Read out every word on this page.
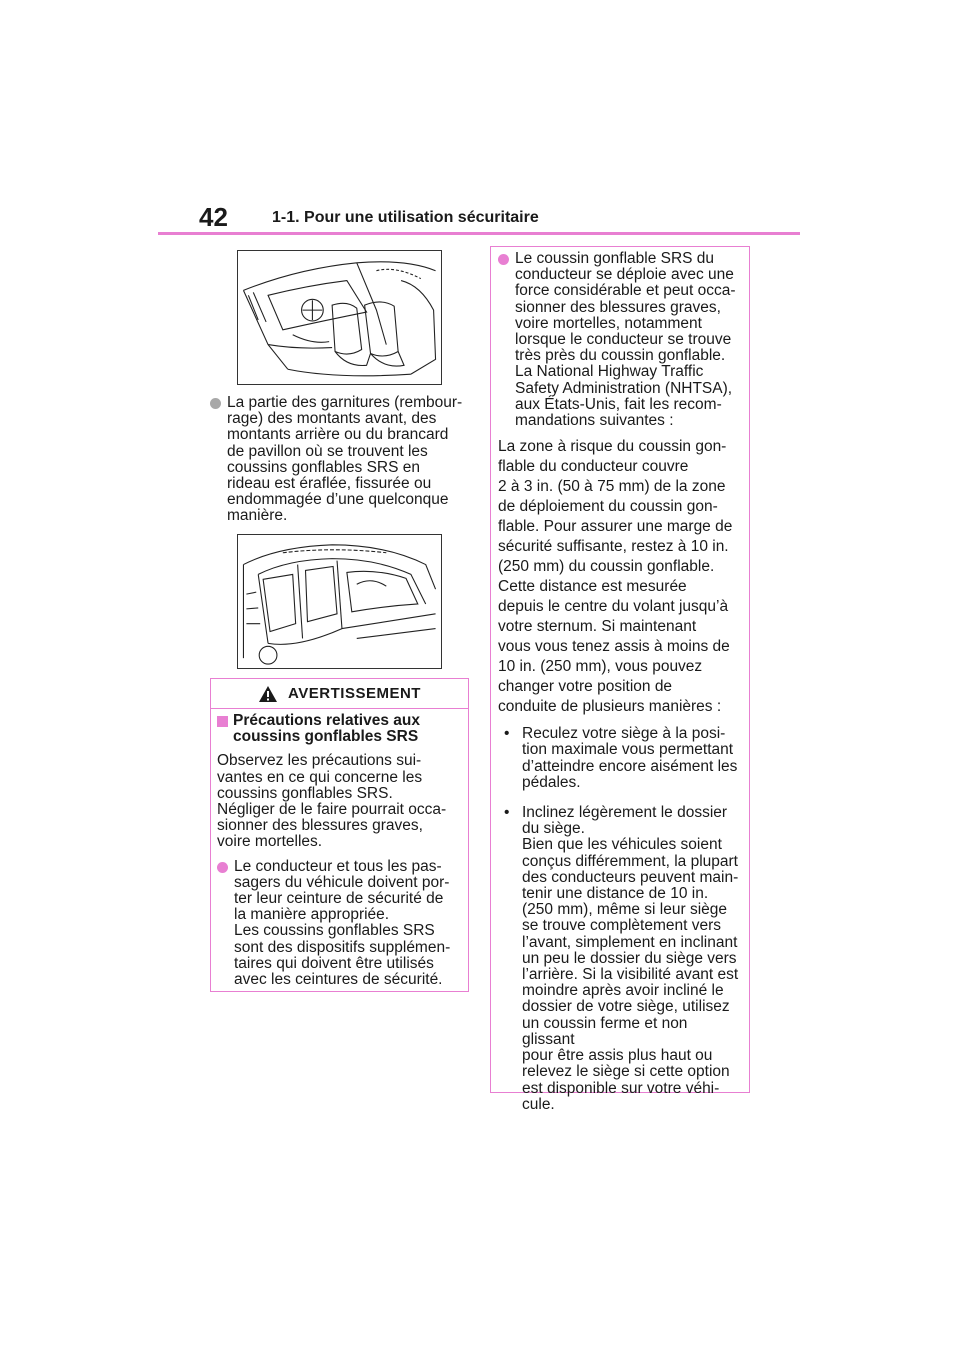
42	1-1. Pour une utilisation sécuritaire
La partie des garnitures (rembour-
rage) des montants avant, des
montants arrière ou du brancard
de pavillon où se trouvent les
coussins gonflables SRS en
rideau est éraflée, fissurée ou
endommagée d’une quelconque
manière.
AVERTISSEMENT
Précautions relatives aux
coussins gonflables SRS
Observez les précautions sui-
vantes en ce qui concerne les
coussins gonflables SRS.
Négliger de le faire pourrait occa-
sionner des blessures graves,
voire mortelles.
Le conducteur et tous les pas-
sagers du véhicule doivent por-
ter leur ceinture de sécurité de
la manière appropriée.
Les coussins gonflables SRS
sont des dispositifs supplémen-
taires qui doivent être utilisés
avec les ceintures de sécurité.
Le coussin gonflable SRS du
conducteur se déploie avec une
force considérable et peut occa-
sionner des blessures graves,
voire mortelles, notamment
lorsque le conducteur se trouve
très près du coussin gonflable.
La National Highway Traffic
Safety Administration (NHTSA),
aux États-Unis, fait les recom-
mandations suivantes :
La zone à risque du coussin gon-
flable du conducteur couvre
2 à 3 in. (50 à 75 mm) de la zone
de déploiement du coussin gon-
flable. Pour assurer une marge de
sécurité suffisante, restez à 10 in.
(250 mm) du coussin gonflable.
Cette distance est mesurée
depuis le centre du volant jusqu’à
votre sternum. Si maintenant
vous vous tenez assis à moins de
10 in. (250 mm), vous pouvez
changer votre position de
conduite de plusieurs manières :
• Reculez votre siège à la posi-
tion maximale vous permettant
d’atteindre encore aisément les
pédales.
• Inclinez légèrement le dossier
du siège.
Bien que les véhicules soient
conçus différemment, la plupart
des conducteurs peuvent main-
tenir une distance de 10 in.
(250 mm), même si leur siège
se trouve complètement vers
l’avant, simplement en inclinant
un peu le dossier du siège vers
l’arrière. Si la visibilité avant est
moindre après avoir incliné le
dossier de votre siège, utilisez
un coussin ferme et non glissant
pour être assis plus haut ou
relevez le siège si cette option
est disponible sur votre véhi-
cule.
